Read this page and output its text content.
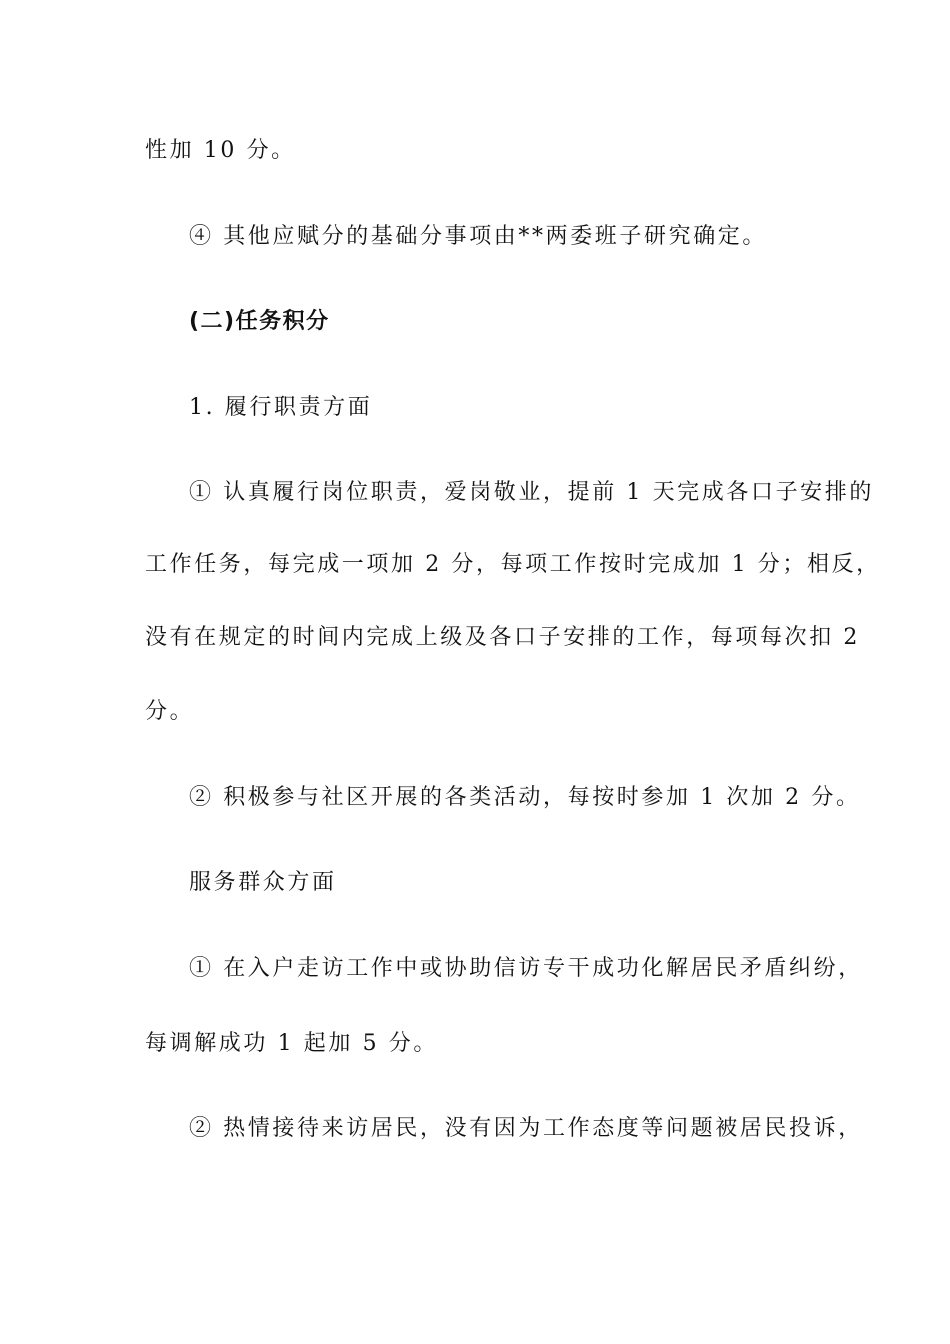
性加 10 分。
④ 其他应赋分的基础分事项由**两委班子研究确定。
(二)任务积分
1. 履行职责方面
① 认真履行岗位职责，爱岗敬业，提前 1 天完成各口子安排的
工作任务，每完成一项加 2 分，每项工作按时完成加 1 分；相反，
没有在规定的时间内完成上级及各口子安排的工作，每项每次扣 2
分。
② 积极参与社区开展的各类活动，每按时参加 1 次加 2 分。
服务群众方面
① 在入户走访工作中或协助信访专干成功化解居民矛盾纠纷，
每调解成功 1 起加 5 分。
② 热情接待来访居民，没有因为工作态度等问题被居民投诉，
